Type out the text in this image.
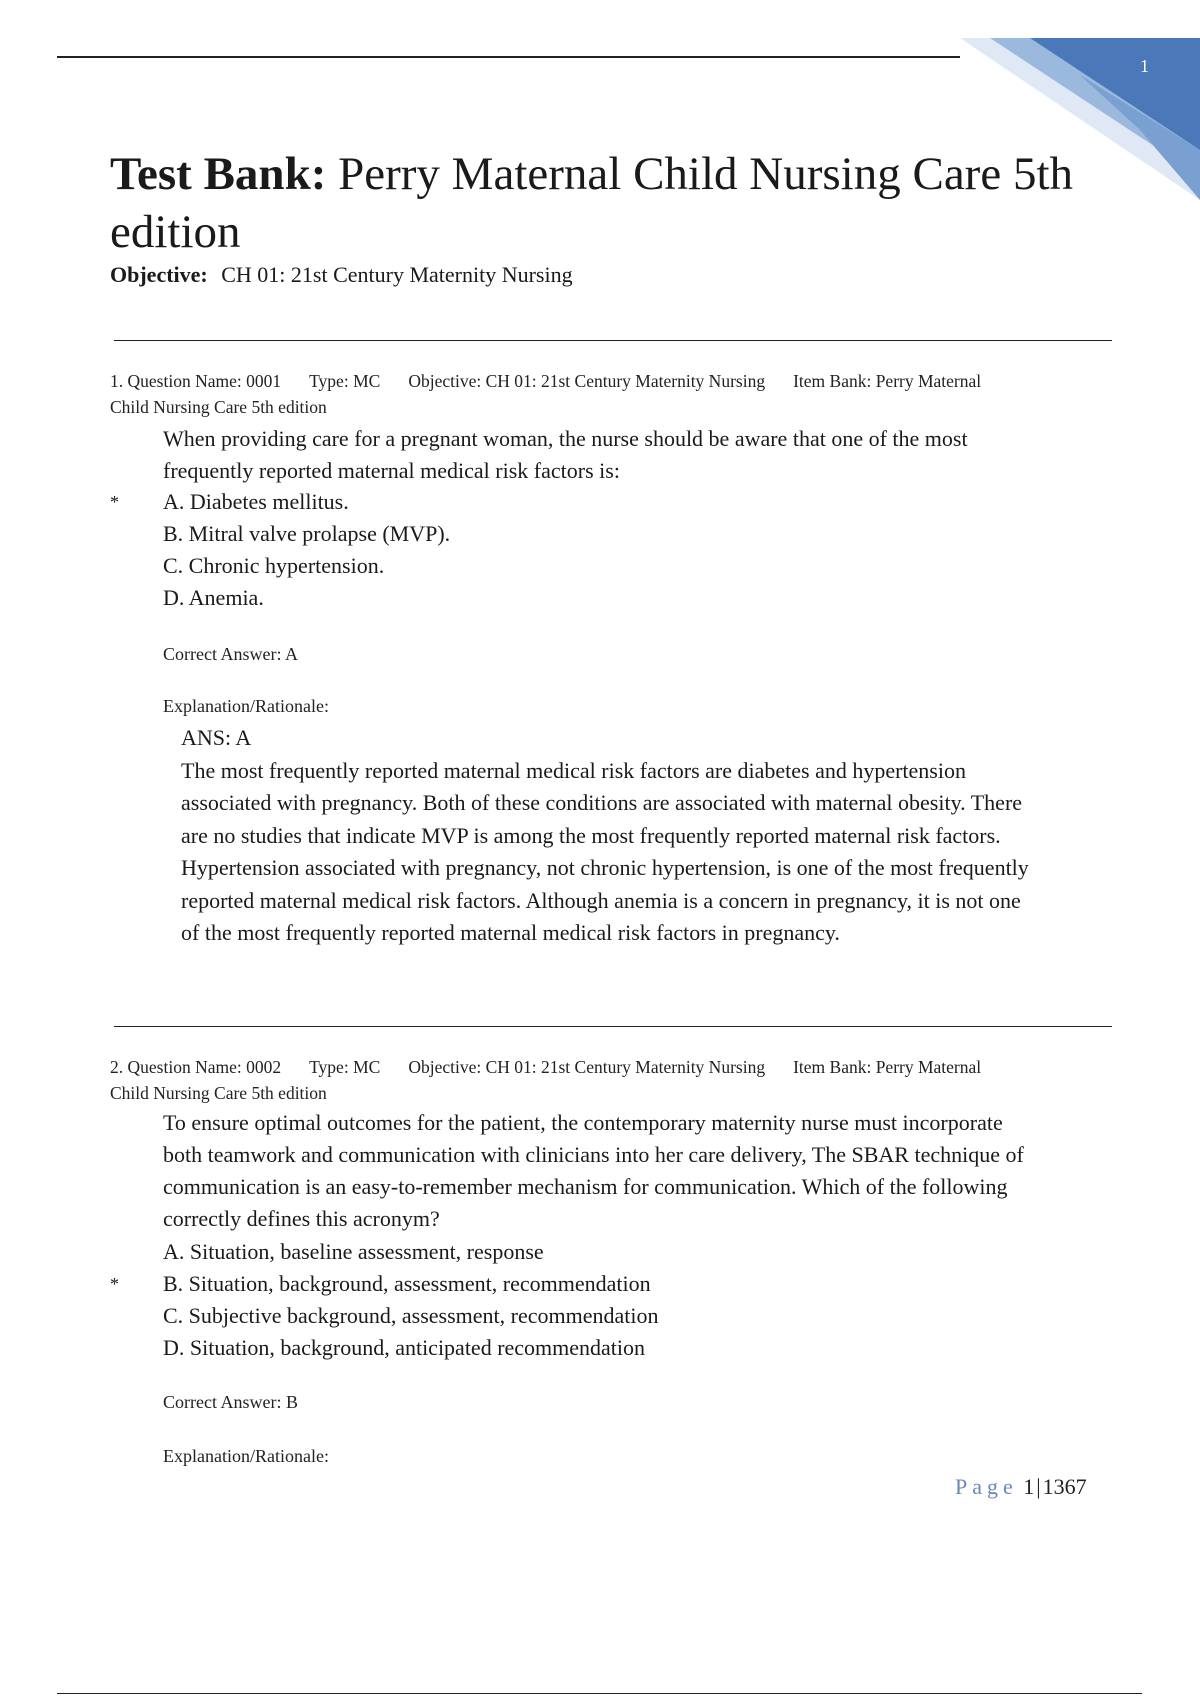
1
Test Bank: Perry Maternal Child Nursing Care 5th edition
Objective: CH 01: 21st Century Maternity Nursing
1. Question Name: 0001 Type: MC Objective: CH 01: 21st Century Maternity Nursing Item Bank: Perry Maternal
Child Nursing Care 5th edition
When providing care for a pregnant woman, the nurse should be aware that one of the most
frequently reported maternal medical risk factors is:
* A. Diabetes mellitus.
B. Mitral valve prolapse (MVP).
C. Chronic hypertension.
D. Anemia.
Correct Answer: A
Explanation/Rationale:
ANS: A
The most frequently reported maternal medical risk factors are diabetes and hypertension
associated with pregnancy. Both of these conditions are associated with maternal obesity. There
are no studies that indicate MVP is among the most frequently reported maternal risk factors.
Hypertension associated with pregnancy, not chronic hypertension, is one of the most frequently
reported maternal medical risk factors. Although anemia is a concern in pregnancy, it is not one
of the most frequently reported maternal medical risk factors in pregnancy.
2. Question Name: 0002 Type: MC Objective: CH 01: 21st Century Maternity Nursing Item Bank: Perry Maternal
Child Nursing Care 5th edition
To ensure optimal outcomes for the patient, the contemporary maternity nurse must incorporate
both teamwork and communication with clinicians into her care delivery, The SBAR technique of
communication is an easy-to-remember mechanism for communication. Which of the following
correctly defines this acronym?
A. Situation, baseline assessment, response
* B. Situation, background, assessment, recommendation
C. Subjective background, assessment, recommendation
D. Situation, background, anticipated recommendation
Correct Answer: B
Explanation/Rationale:
Page 1|1367
